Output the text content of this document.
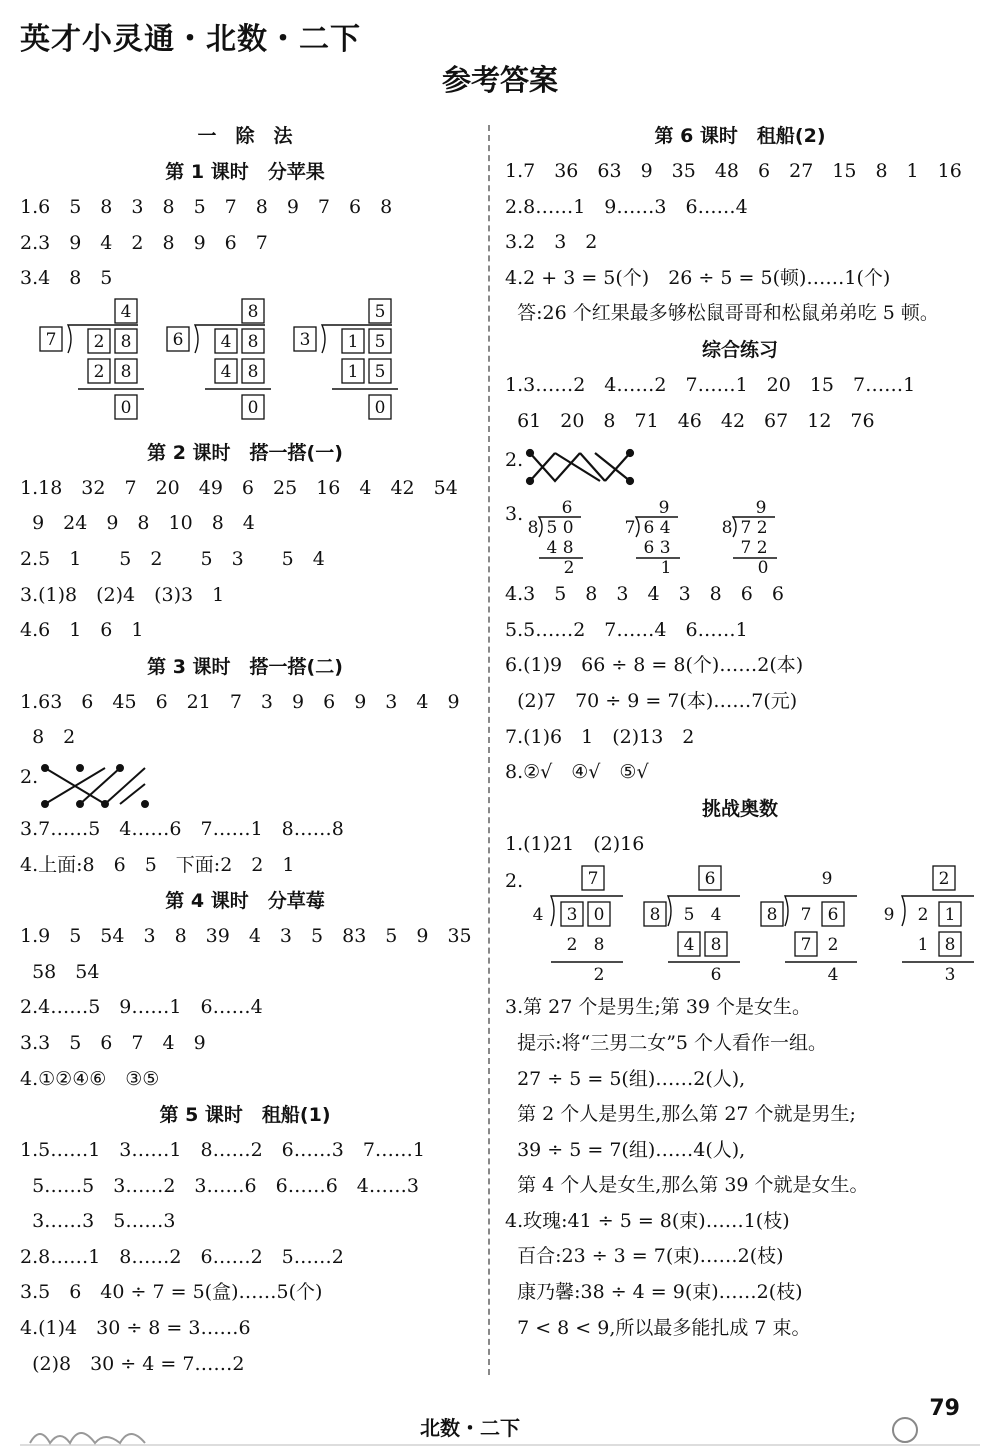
英才小灵通・北数・二下
参考答案
一　除　法
第 1 课时　分苹果
1.6　5　8　3　8　5　7　8　9　7　6　8
2.3　9　4　2　8　9　6　7
3.4　8　5
7
4
2 8
2 8
0
6
8
4 8
4 8
0
3
5
1 5
1 5
0
第 2 课时　搭一搭(一)
1.18　32　7　20　49　6　25　16　4　42　54
9　24　9　8　10　8　4
2.5　1　　5　2　　5　3　　5　4
3.(1)8　(2)4　(3)3　1
4.6　1　6　1
第 3 课时　搭一搭(二)
1.63　6　45　6　21　7　3　9　6　9　3　4　9
8　2
2.
3.7……5　4……6　7……1　8……8
4.上面:8　6　5　下面:2　2　1
第 4 课时　分草莓
1.9　5　54　3　8　39　4　3　5　83　5　9　35
58　54
2.4……5　9……1　6……4
3.3　5　6　7　4　9
4.①②④⑥　③⑤
第 5 课时　租船(1)
1.5……1　3……1　8……2　6……3　7……1
5……5　3……2　3……6　6……6　4……3
3……3　5……3
2.8……1　8……2　6……2　5……2
3.5　6　40 ÷ 7 = 5(盒)……5(个)
4.(1)4　30 ÷ 8 = 3……6
(2)8　30 ÷ 4 = 7……2
第 6 课时　租船(2)
1.7　36　63　9　35　48　6　27　15　8　1　16
2.8……1　9……3　6……4
3.2　3　2
4.2 + 3 = 5(个)　26 ÷ 5 = 5(顿)……1(个)
答:26 个红果最多够松鼠哥哥和松鼠弟弟吃 5 顿。
综合练习
1.3……2　4……2　7……1　20　15　7……1
61　20　8　71　46　42　67　12　76
2.
3. 6
8 5 0
4 8
2
9
7 6 4
6 3
1
9
8 7 2
7 2
0
4.3　5　8　3　4　3　8　6　6
5.5……2　7……4　6……1
6.(1)9　66 ÷ 8 = 8(个)……2(本)
(2)7　70 ÷ 9 = 7(本)……7(元)
7.(1)6　1　(2)13　2
8.②√　④√　⑤√
挑战奥数
1.(1)21　(2)16
2.	7
4 3
2
0
8
2
6
8 5
4
4
8
6
9
8 7
7
6
2
4
2
9 2
1
1
8
3
3.第 27 个是男生;第 39 个是女生。
提示:将“三男二女”5 个人看作一组。
27 ÷ 5 = 5(组)……2(人),
第 2 个人是男生,那么第 27 个就是男生;
39 ÷ 5 = 7(组)……4(人),
第 4 个人是女生,那么第 39 个就是女生。
4.玫瑰:41 ÷ 5 = 8(束)……1(枝)
百合:23 ÷ 3 = 7(束)……2(枝)
康乃馨:38 ÷ 4 = 9(束)……2(枝)
7 < 8 < 9,所以最多能扎成 7 束。
北数・二下
79
